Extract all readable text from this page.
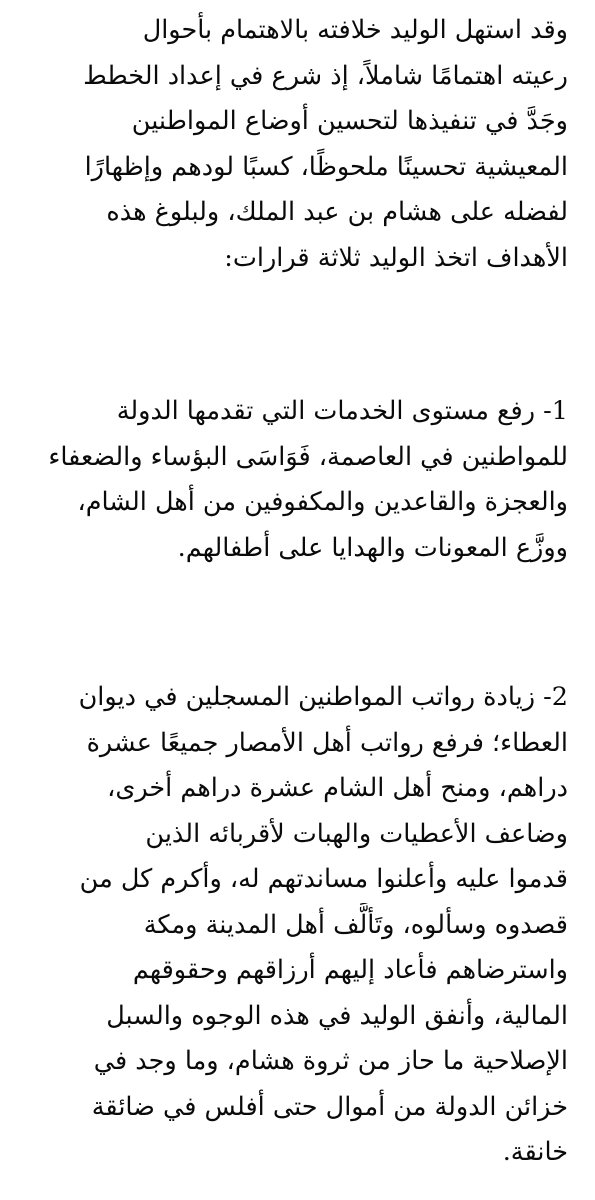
وقد استهل الوليد خلافته بالاهتمام بأحوال
رعيته اهتمامًا شاملاً، إذ شرع في إعداد الخطط
وجَدَّ في تنفيذها لتحسين أوضاع المواطنين
المعيشية تحسينًا ملحوظًا، كسبًا لودهم وإظهارًا
لفضله على هشام بن عبد الملك، ولبلوغ هذه
الأهداف اتخذ الوليد ثلاثة قرارات:

1- رفع مستوى الخدمات التي تقدمها الدولة
للمواطنين في العاصمة، فَوَاسَى البؤساء والضعفاء
والعجزة والقاعدين والمكفوفين من أهل الشام،
ووزَّع المعونات والهدايا على أطفالهم.

2- زيادة رواتب المواطنين المسجلين في ديوان
العطاء؛ فرفع رواتب أهل الأمصار جميعًا عشرة
دراهم، ومنح أهل الشام عشرة دراهم أخرى،
وضاعف الأعطيات والهبات لأقربائه الذين
قدموا عليه وأعلنوا مساندتهم له، وأكرم كل من
قصدوه وسألوه، وتَألَّف أهل المدينة ومكة
واسترضاهم فأعاد إليهم أرزاقهم وحقوقهم
المالية، وأنفق الوليد في هذه الوجوه والسبل
الإصلاحية ما حاز من ثروة هشام، وما وجد في
خزائن الدولة من أموال حتى أفلس في ضائقة
خانقة.
